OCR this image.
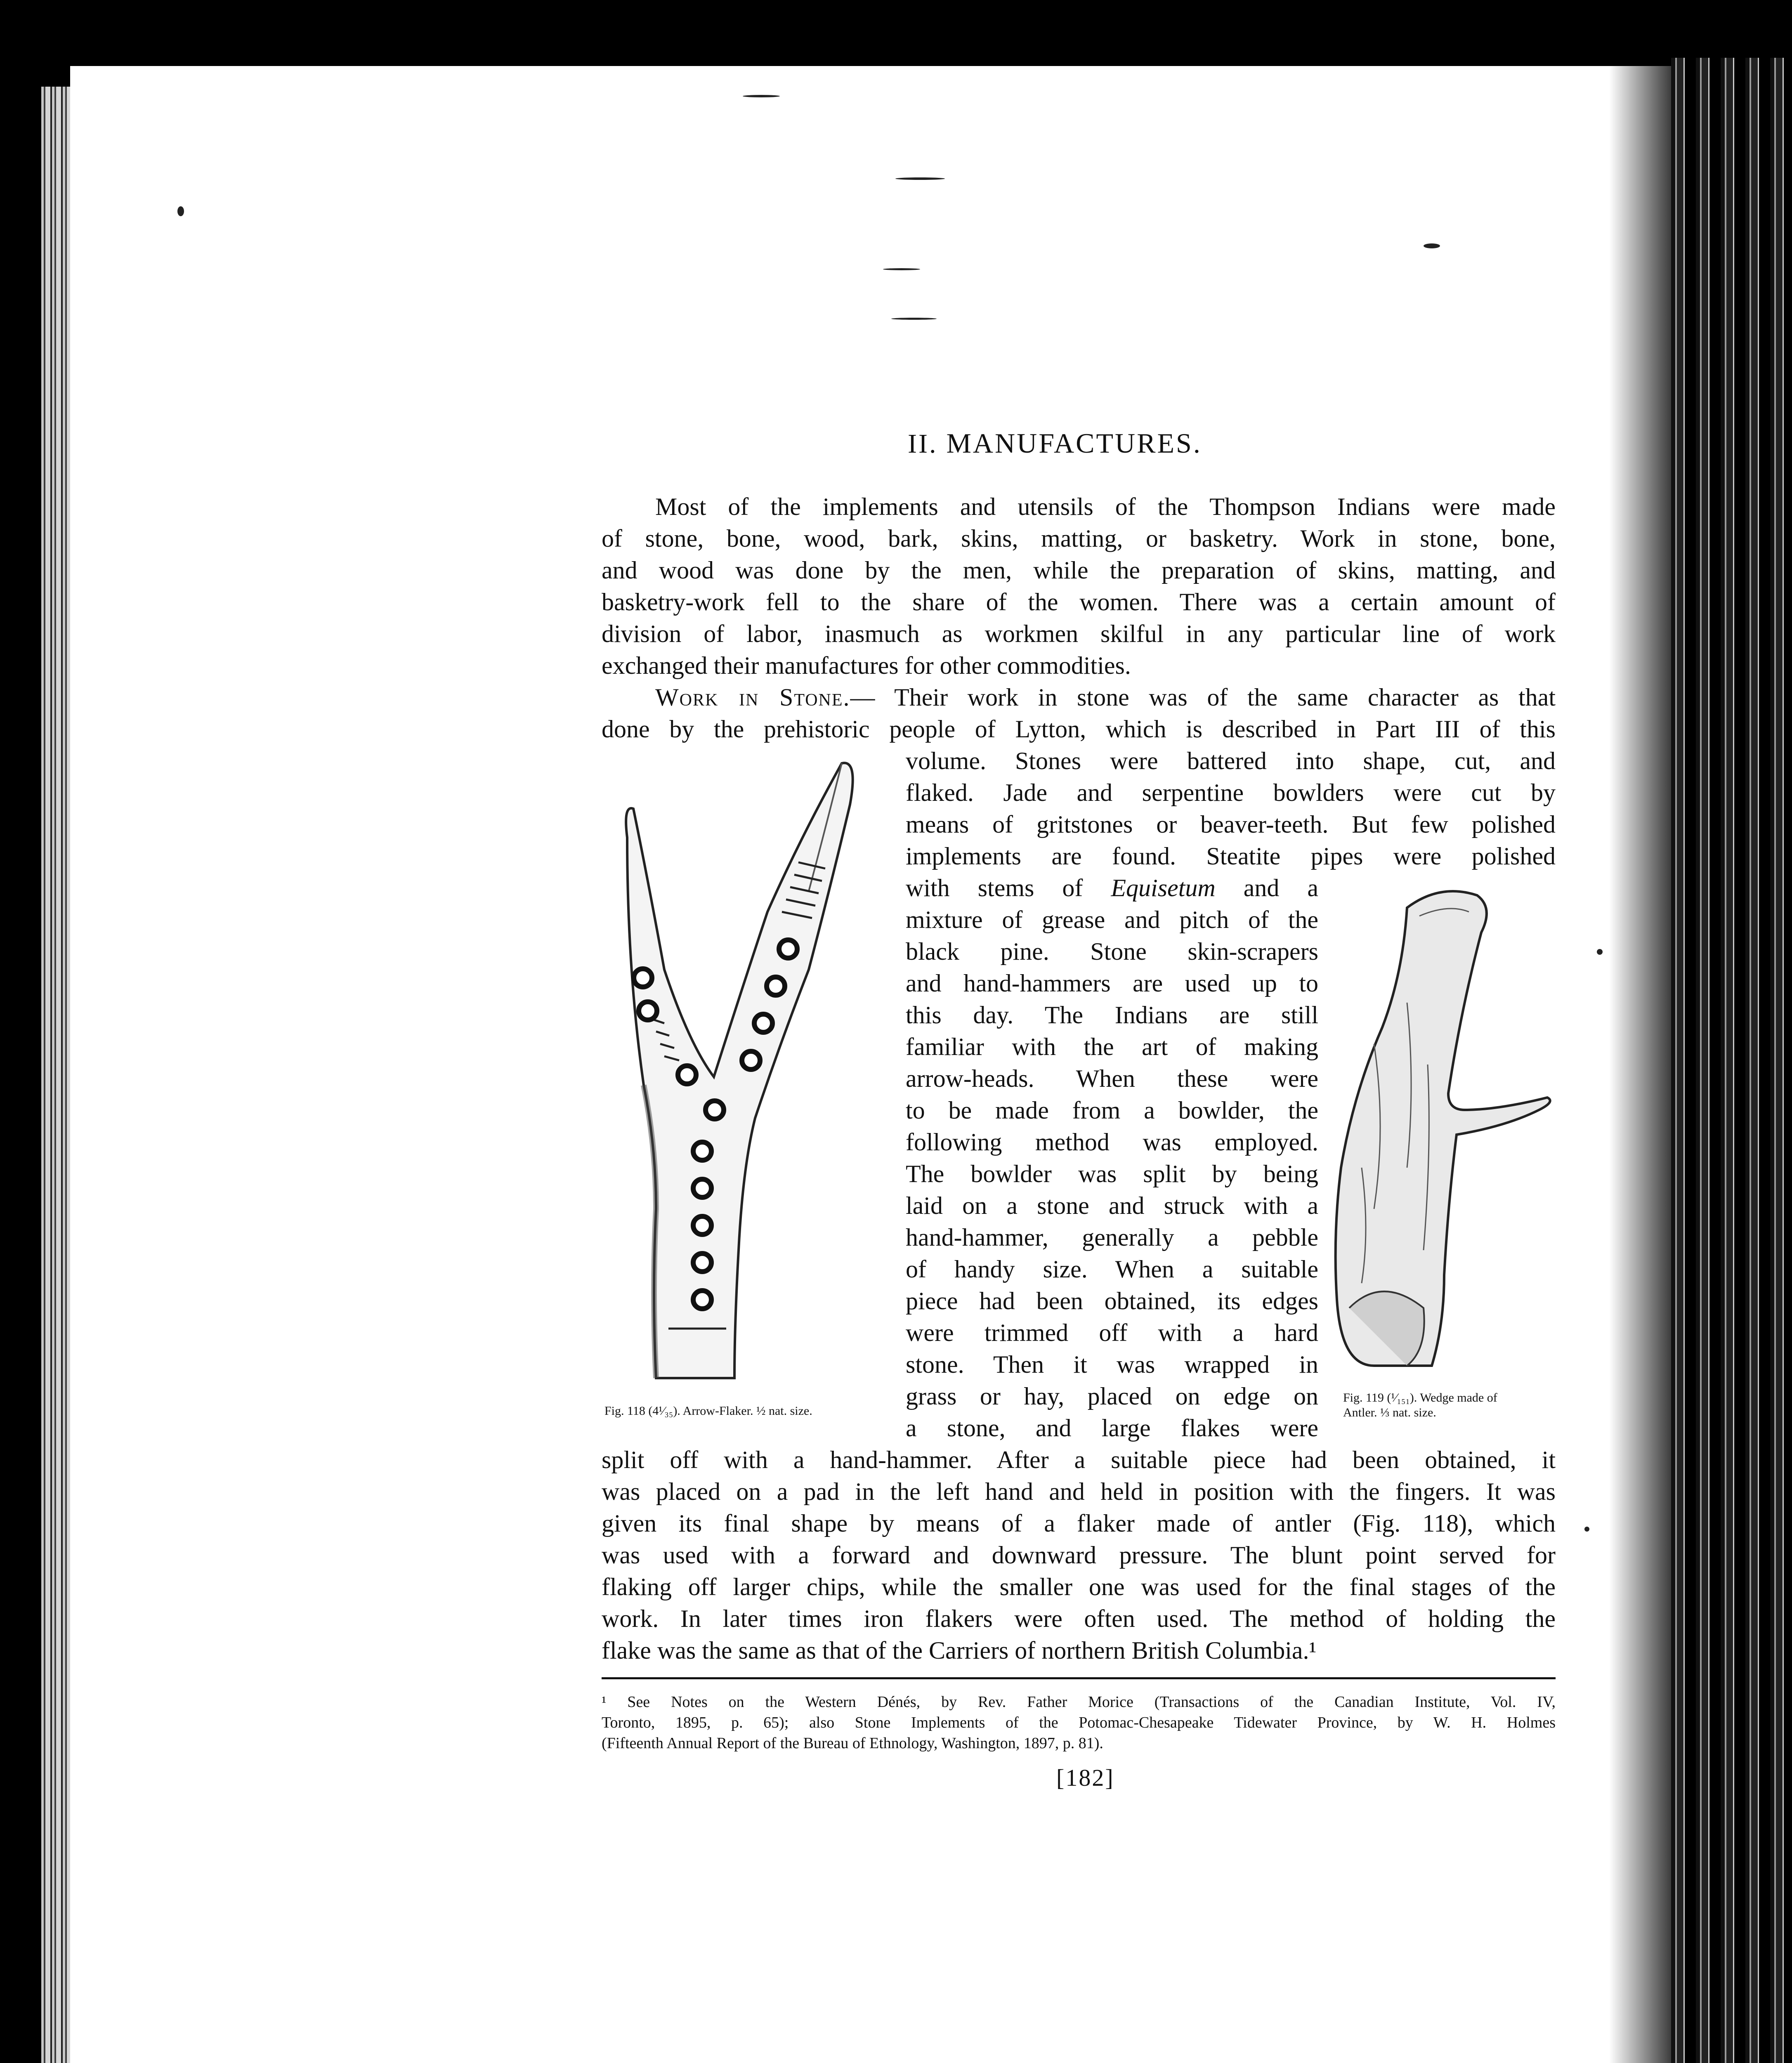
II. MANUFACTURES.
Most of the implements and utensils of the Thompson Indians were made
of stone, bone, wood, bark, skins, matting, or basketry. Work in stone, bone,
and wood was done by the men, while the preparation of skins, matting, and
basketry-work fell to the share of the women. There was a certain amount of
division of labor, inasmuch as workmen skilful in any particular line of work
exchanged their manufactures for other commodities.
Work in Stone.— Their work in stone was of the same character as that
done by the prehistoric people of Lytton, which is described in Part III of this
volume. Stones were battered into shape, cut, and
flaked. Jade and serpentine bowlders were cut by
means of gritstones or beaver-teeth. But few polished
implements are found. Steatite pipes were polished
with stems of Equisetum and a
mixture of grease and pitch of the
black pine. Stone skin-scrapers
and hand-hammers are used up to
this day. The Indians are still
familiar with the art of making
arrow-heads. When these were
to be made from a bowlder, the
following method was employed.
The bowlder was split by being
laid on a stone and struck with a
hand-hammer, generally a pebble
of handy size. When a suitable
piece had been obtained, its edges
were trimmed off with a hard
stone. Then it was wrapped in
grass or hay, placed on edge on
a stone, and large flakes were
split off with a hand-hammer. After a suitable piece had been obtained, it
was placed on a pad in the left hand and held in position with the fingers. It was
given its final shape by means of a flaker made of antler (Fig. 118), which
was used with a forward and downward pressure. The blunt point served for
flaking off larger chips, while the smaller one was used for the final stages of the
work. In later times iron flakers were often used. The method of holding the
flake was the same as that of the Carriers of northern British Columbia.¹
Fig. 118 (4¹⁄₃₅). Arrow-Flaker. ½ nat. size.
Fig. 119 (¹⁄₁₅₁). Wedge made of
Antler. ⅓ nat. size.
¹ See Notes on the Western Dénés, by Rev. Father Morice (Transactions of the Canadian Institute, Vol. IV,
Toronto, 1895, p. 65); also Stone Implements of the Potomac-Chesapeake Tidewater Province, by W. H. Holmes
(Fifteenth Annual Report of the Bureau of Ethnology, Washington, 1897, p. 81).
[182]
